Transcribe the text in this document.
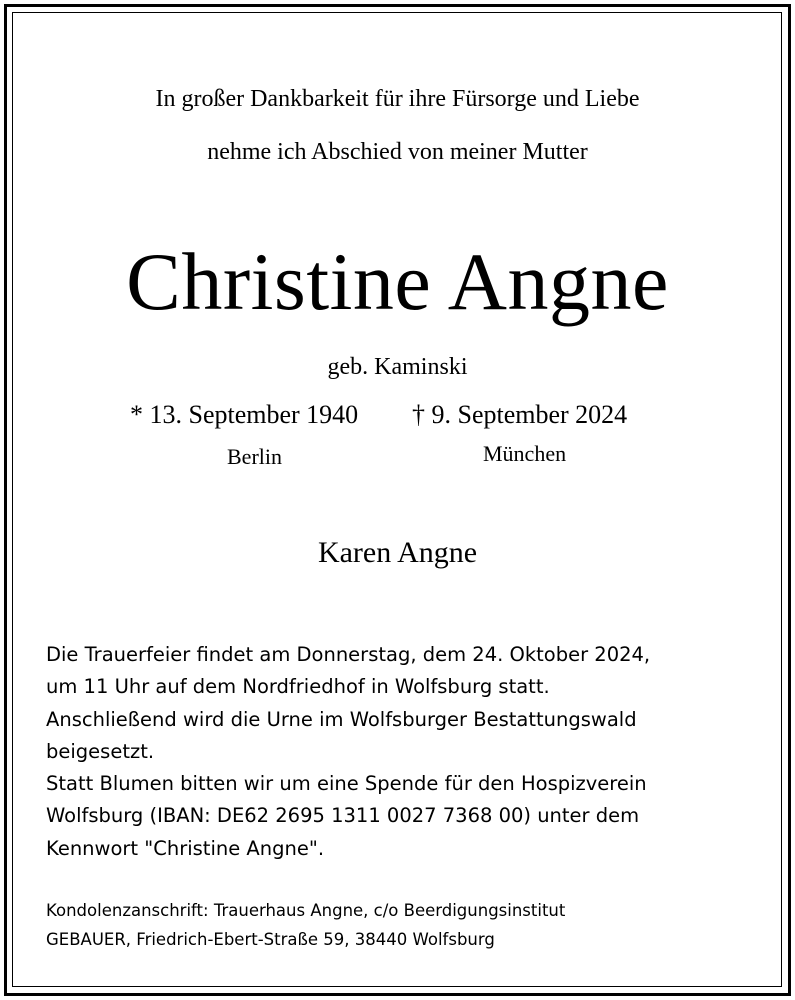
In großer Dankbarkeit für ihre Fürsorge und Liebe
nehme ich Abschied von meiner Mutter
Christine Angne
geb. Kaminski
* 13. September 1940 † 9. September 2024
Berlin	München
Karen Angne
Die Trauerfeier findet am Donnerstag, dem 24. Oktober 2024,
um 11 Uhr auf dem Nordfriedhof in Wolfsburg statt.
Anschließend wird die Urne im Wolfsburger Bestattungswald
beigesetzt.
Statt Blumen bitten wir um eine Spende für den Hospizverein
Wolfsburg (IBAN: DE62 2695 1311 0027 7368 00) unter dem
Kennwort "Christine Angne".
Kondolenzanschrift: Trauerhaus Angne, c/o Beerdigungsinstitut
GEBAUER, Friedrich-Ebert-Straße 59, 38440 Wolfsburg
